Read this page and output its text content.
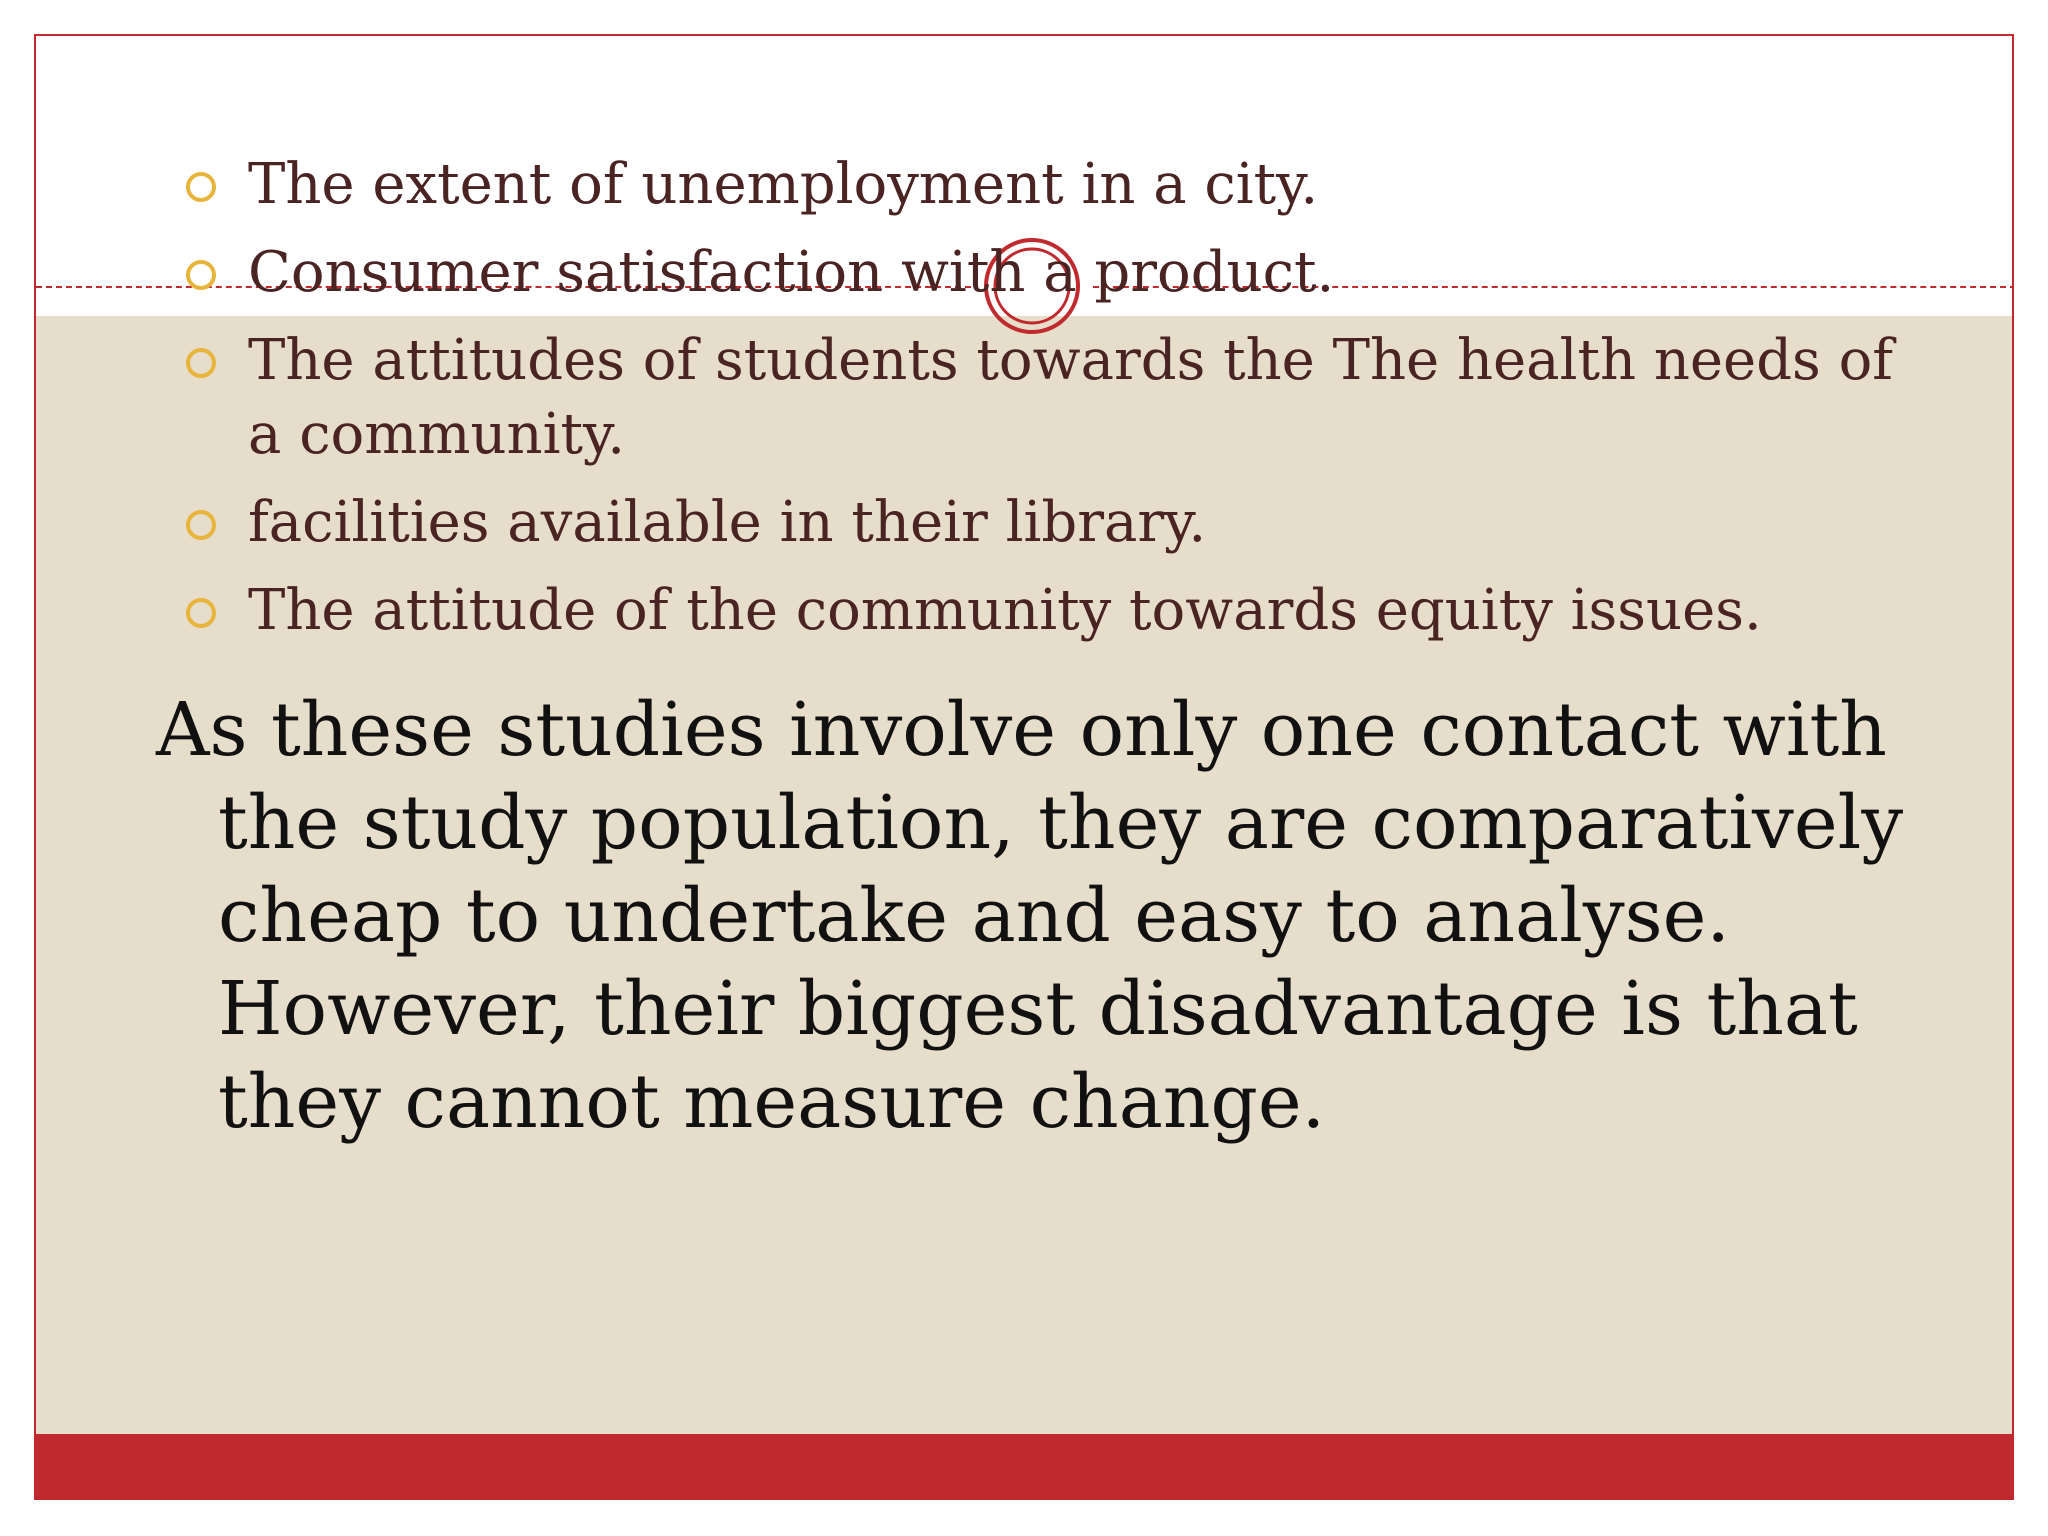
The extent of unemployment in a city.
Consumer satisfaction with a product.
The attitudes of students towards the The health needs of a community.
facilities available in their library.
The attitude of the community towards equity issues.

As these studies involve only one contact with the study population, they are comparatively cheap to undertake and easy to analyse. However, their biggest disadvantage is that they cannot measure change.
